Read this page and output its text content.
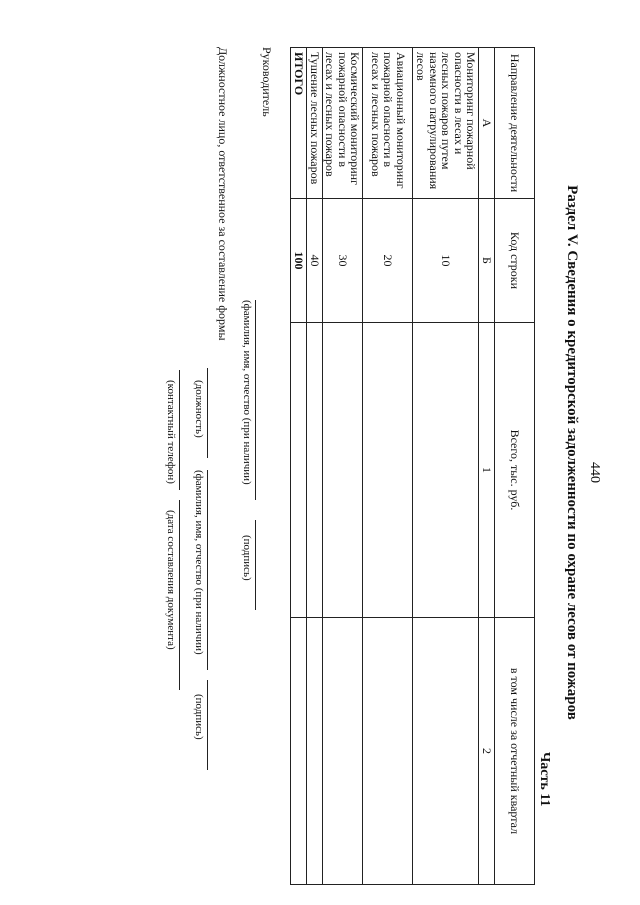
440
Раздел V. Сведения о кредиторской задолженности по охране лесов от пожаров
Часть 11
Направление деятельности	Код строки	Всего, тыс. руб.	в том числе за отчетный квартал
А	Б	1	2
Мониторинг пожарной опасности в лесах и лесных пожаров путем наземного патрулирования лесов	10		
Авиационный мониторинг пожарной опасности в лесах и лесных пожаров	20		
Космический мониторинг пожарной опасности в лесах и лесных пожаров	30		
Тушение лесных пожаров	40		
ИТОГО	100		
Руководитель
(фамилия, имя, отчество (при наличии)
(подпись)
Должностное лицо, ответственное за составление формы
(должность)
(фамилия, имя, отчество (при наличии)
(подпись)
(контактный телефон)
(дата составления документа)
